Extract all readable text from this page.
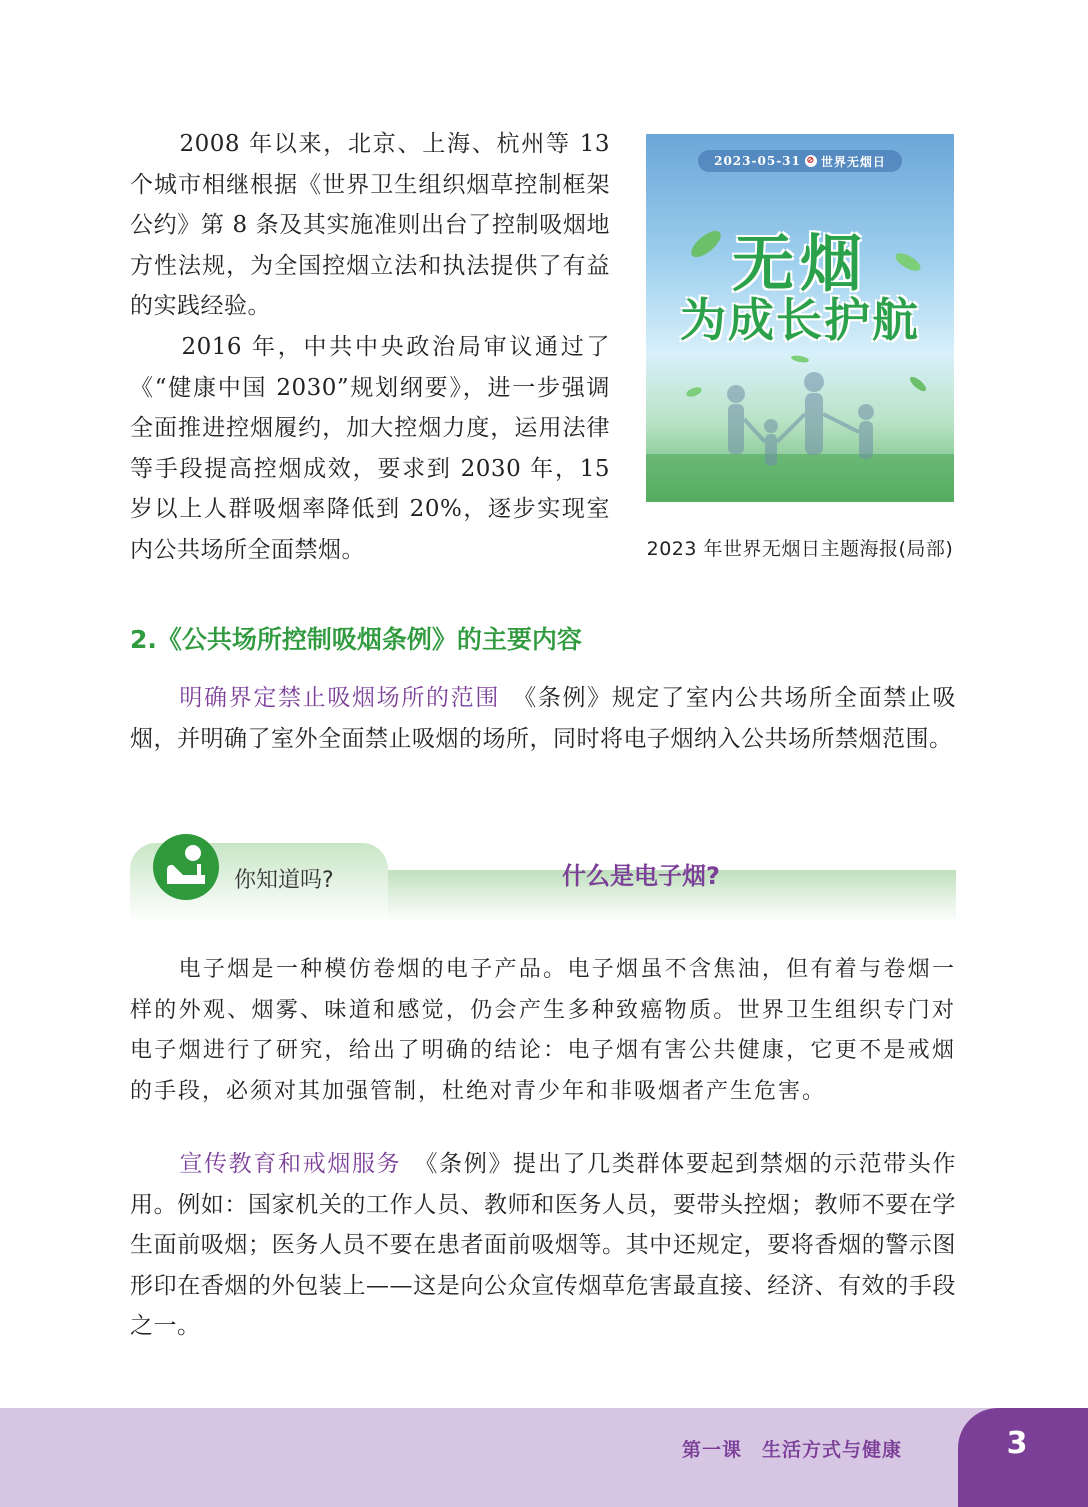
　　2008 年以来，北京、上海、杭州等 13 个城市相继根据《世界卫生组织烟草控制框架公约》第 8 条及其实施准则出台了控制吸烟地方性法规，为全国控烟立法和执法提供了有益的实践经验。

　　2016 年，中共中央政治局审议通过了《“健康中国 2030”规划纲要》，进一步强调全面推进控烟履约，加大控烟力度，运用法律等手段提高控烟成效，要求到 2030 年，15 岁以上人群吸烟率降低到 20%，逐步实现室内公共场所全面禁烟。

2023-05-31 ⊘ 世界无烟日
无烟
为成长护航
2023 年世界无烟日主题海报(局部)
2.《公共场所控制吸烟条例》的主要内容

　　明确界定禁止吸烟场所的范围　 《条例》规定了室内公共场所全面禁止吸烟，并明确了室外全面禁止吸烟的场所，同时将电子烟纳入公共场所禁烟范围。

你知道吗?	什么是电子烟?

　　电子烟是一种模仿卷烟的电子产品。电子烟虽不含焦油，但有着与卷烟一样的外观、烟雾、味道和感觉，仍会产生多种致癌物质。世界卫生组织专门对电子烟进行了研究，给出了明确的结论：电子烟有害公共健康，它更不是戒烟的手段，必须对其加强管制，杜绝对青少年和非吸烟者产生危害。

　　宣传教育和戒烟服务　 《条例》提出了几类群体要起到禁烟的示范带头作用。例如：国家机关的工作人员、教师和医务人员，要带头控烟；教师不要在学生面前吸烟；医务人员不要在患者面前吸烟等。其中还规定，要将香烟的警示图形印在香烟的外包装上——这是向公众宣传烟草危害最直接、经济、有效的手段之一。

第一课　生活方式与健康	3
